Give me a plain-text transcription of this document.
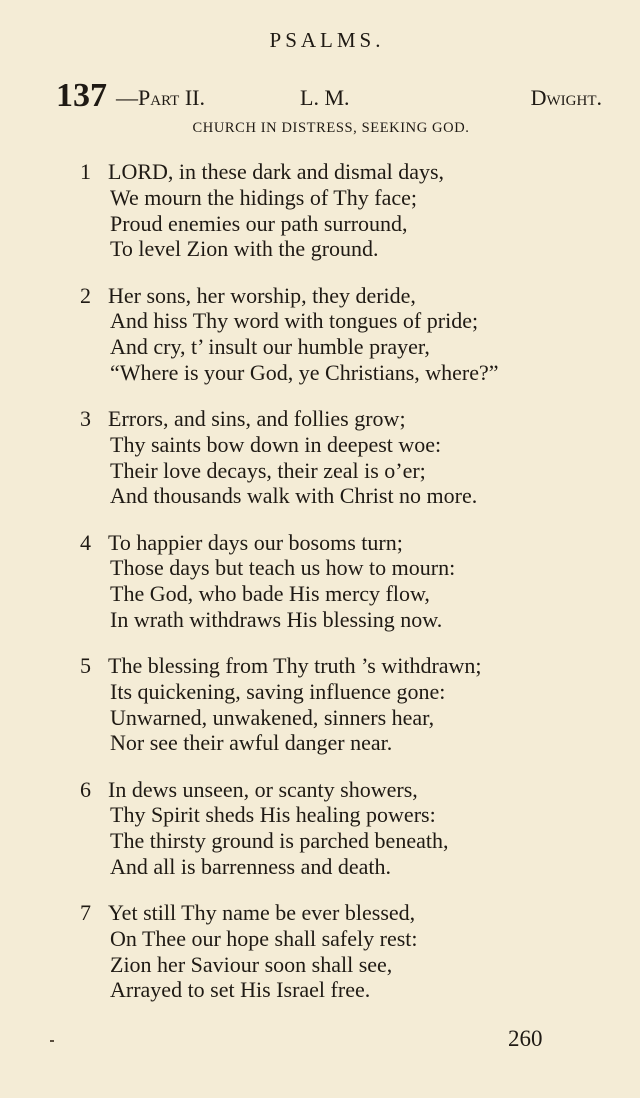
PSALMS.
137 —Part II.	L. M.	Dwight.
CHURCH IN DISTRESS, SEEKING GOD.
1 LORD, in these dark and dismal days,
We mourn the hidings of Thy face;
Proud enemies our path surround,
To level Zion with the ground.
2 Her sons, her worship, they deride,
And hiss Thy word with tongues of pride;
And cry, t’ insult our humble prayer,
“Where is your God, ye Christians, where?”
3 Errors, and sins, and follies grow;
Thy saints bow down in deepest woe:
Their love decays, their zeal is o’er;
And thousands walk with Christ no more.
4 To happier days our bosoms turn;
Those days but teach us how to mourn:
The God, who bade His mercy flow,
In wrath withdraws His blessing now.
5 The blessing from Thy truth ’s withdrawn;
Its quickening, saving influence gone:
Unwarned, unwakened, sinners hear,
Nor see their awful danger near.
6 In dews unseen, or scanty showers,
Thy Spirit sheds His healing powers:
The thirsty ground is parched beneath,
And all is barrenness and death.
7 Yet still Thy name be ever blessed,
On Thee our hope shall safely rest:
Zion her Saviour soon shall see,
Arrayed to set His Israel free.
260
